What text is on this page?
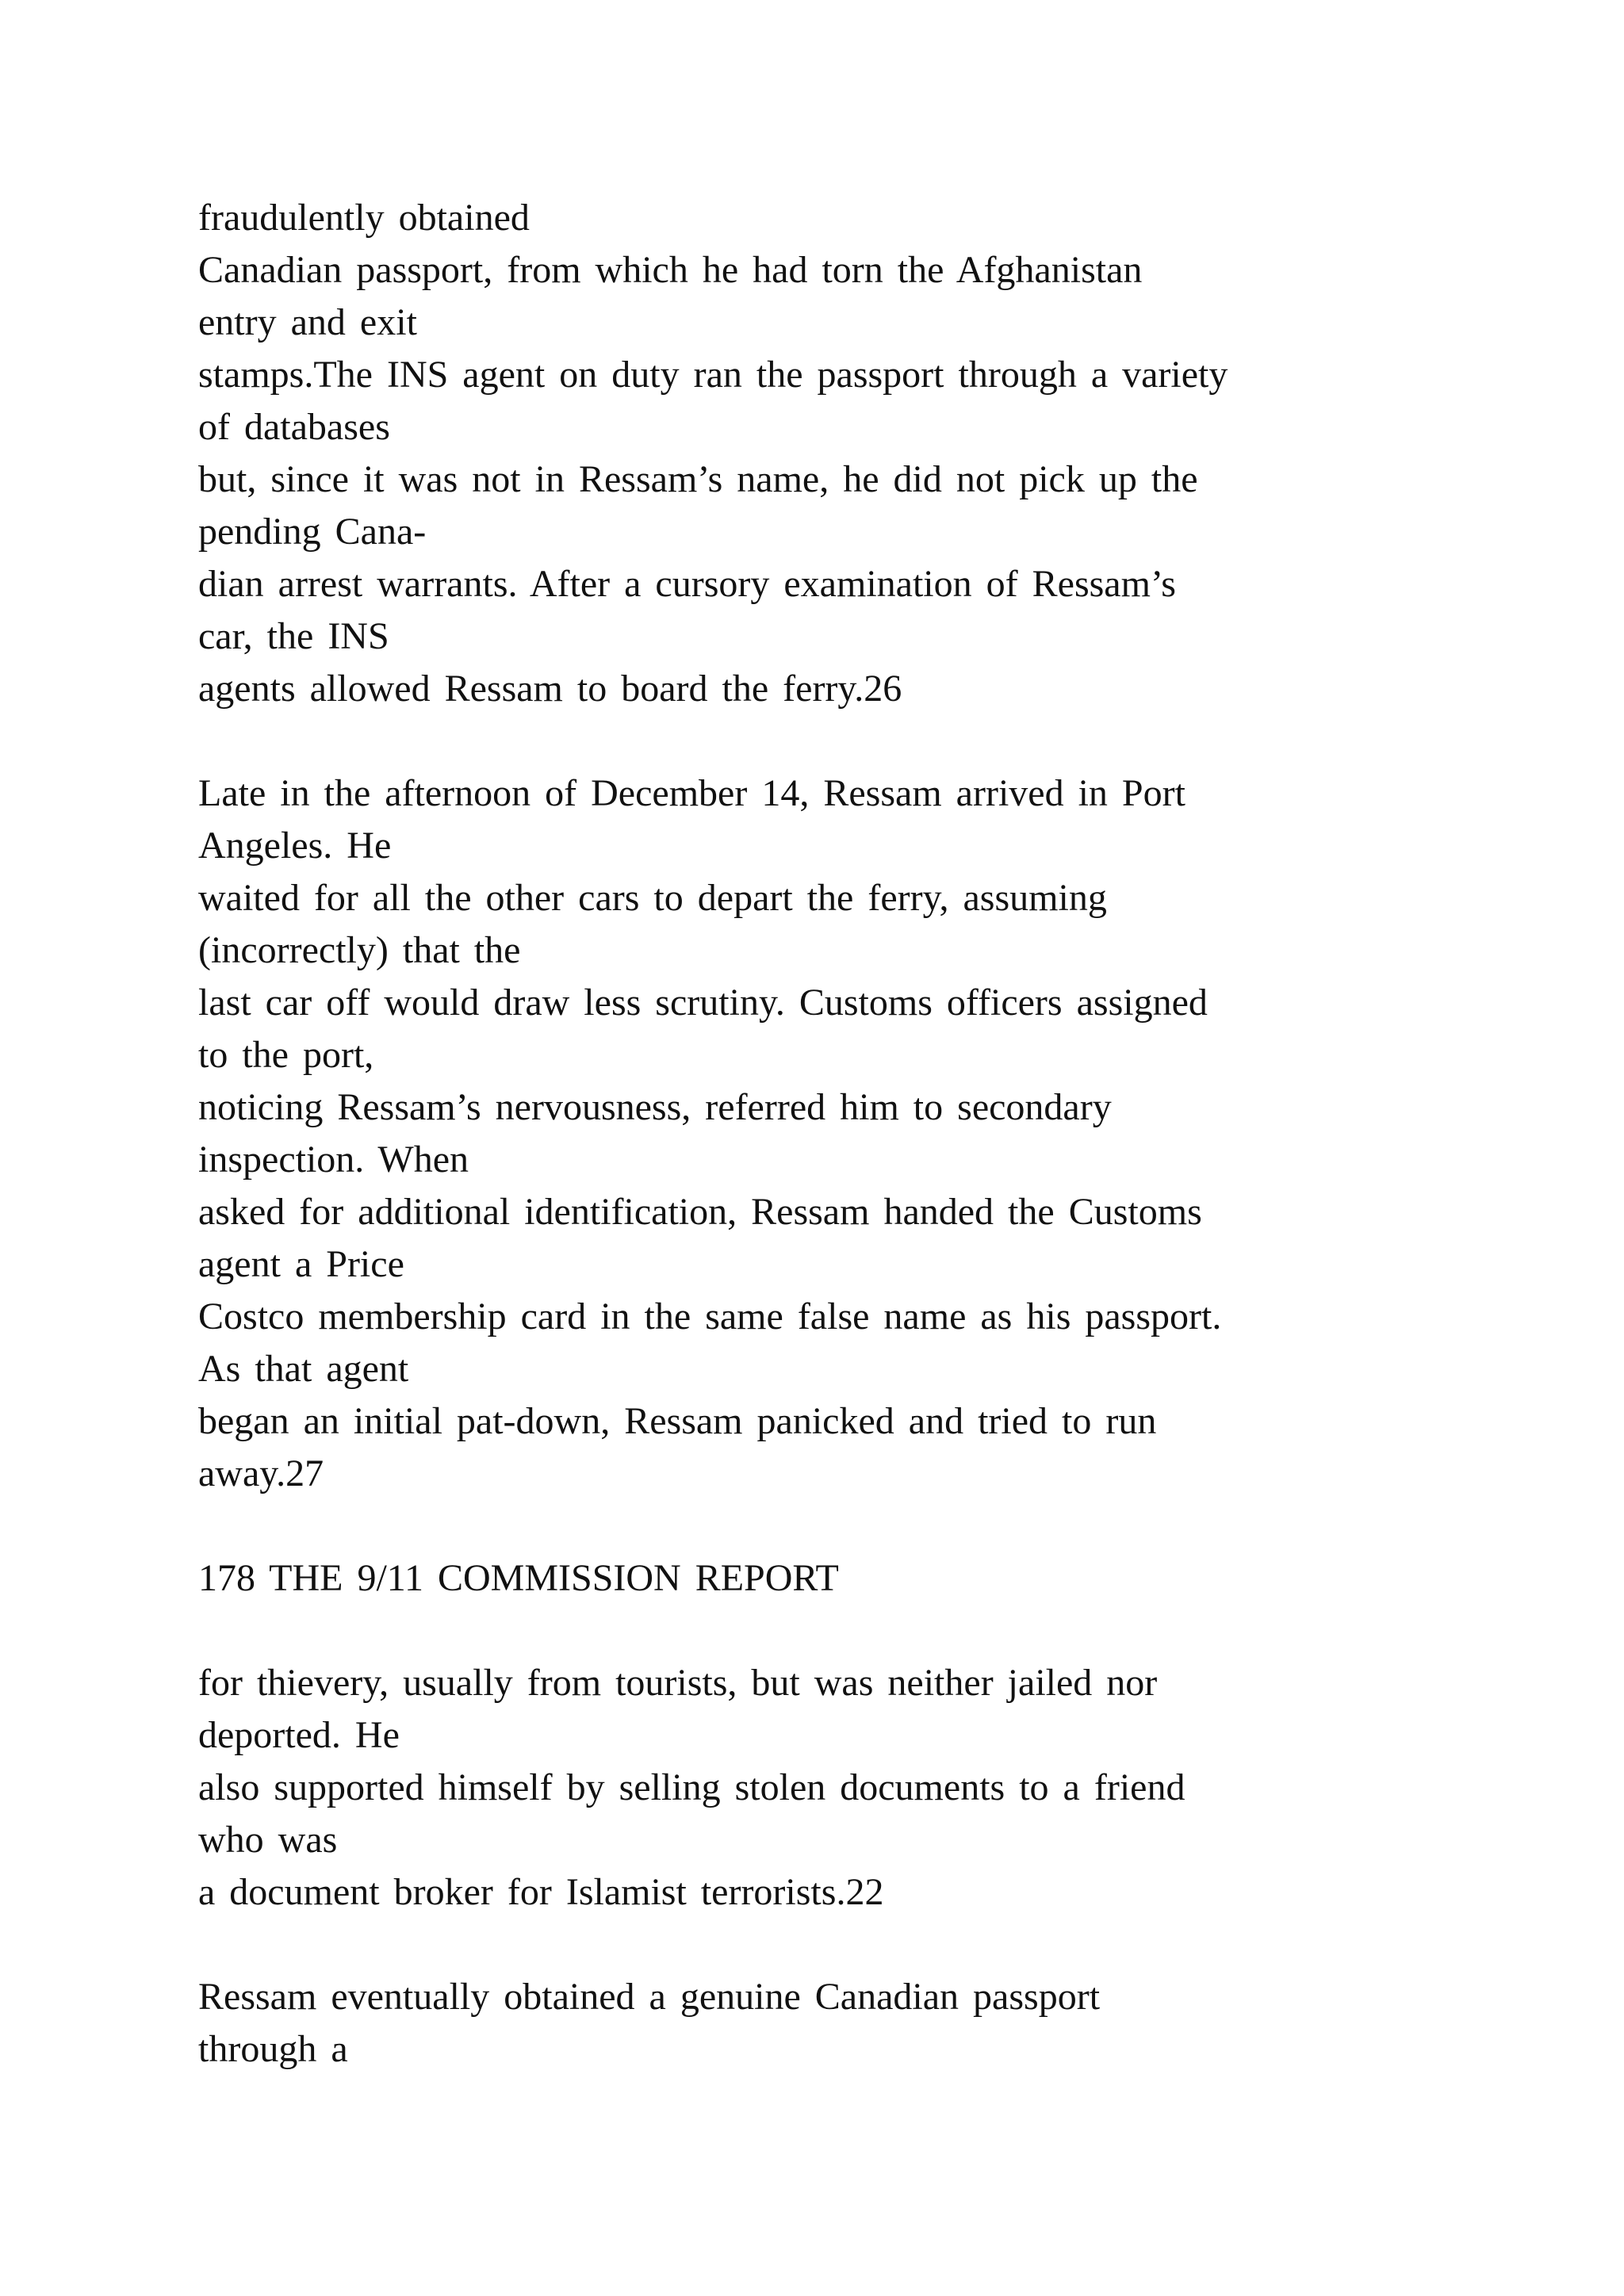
fraudulently obtained
Canadian passport, from which he had torn the Afghanistan
entry and exit
stamps.The INS agent on duty ran the passport through a variety
of databases
but, since it was not in Ressam’s name, he did not pick up the
pending Cana-
dian arrest warrants. After a cursory examination of Ressam’s
car, the INS
agents allowed Ressam to board the ferry.26
Late in the afternoon of December 14, Ressam arrived in Port
Angeles. He
waited for all the other cars to depart the ferry, assuming
(incorrectly) that the
last car off would draw less scrutiny. Customs officers assigned
to the port,
noticing Ressam’s nervousness, referred him to secondary
inspection. When
asked for additional identification, Ressam handed the Customs
agent a Price
Costco membership card in the same false name as his passport.
As that agent
began an initial pat-down, Ressam panicked and tried to run
away.27
178 THE 9/11 COMMISSION REPORT
for thievery, usually from tourists, but was neither jailed nor
deported. He
also supported himself by selling stolen documents to a friend
who was
a document broker for Islamist terrorists.22
Ressam eventually obtained a genuine Canadian passport
through a
